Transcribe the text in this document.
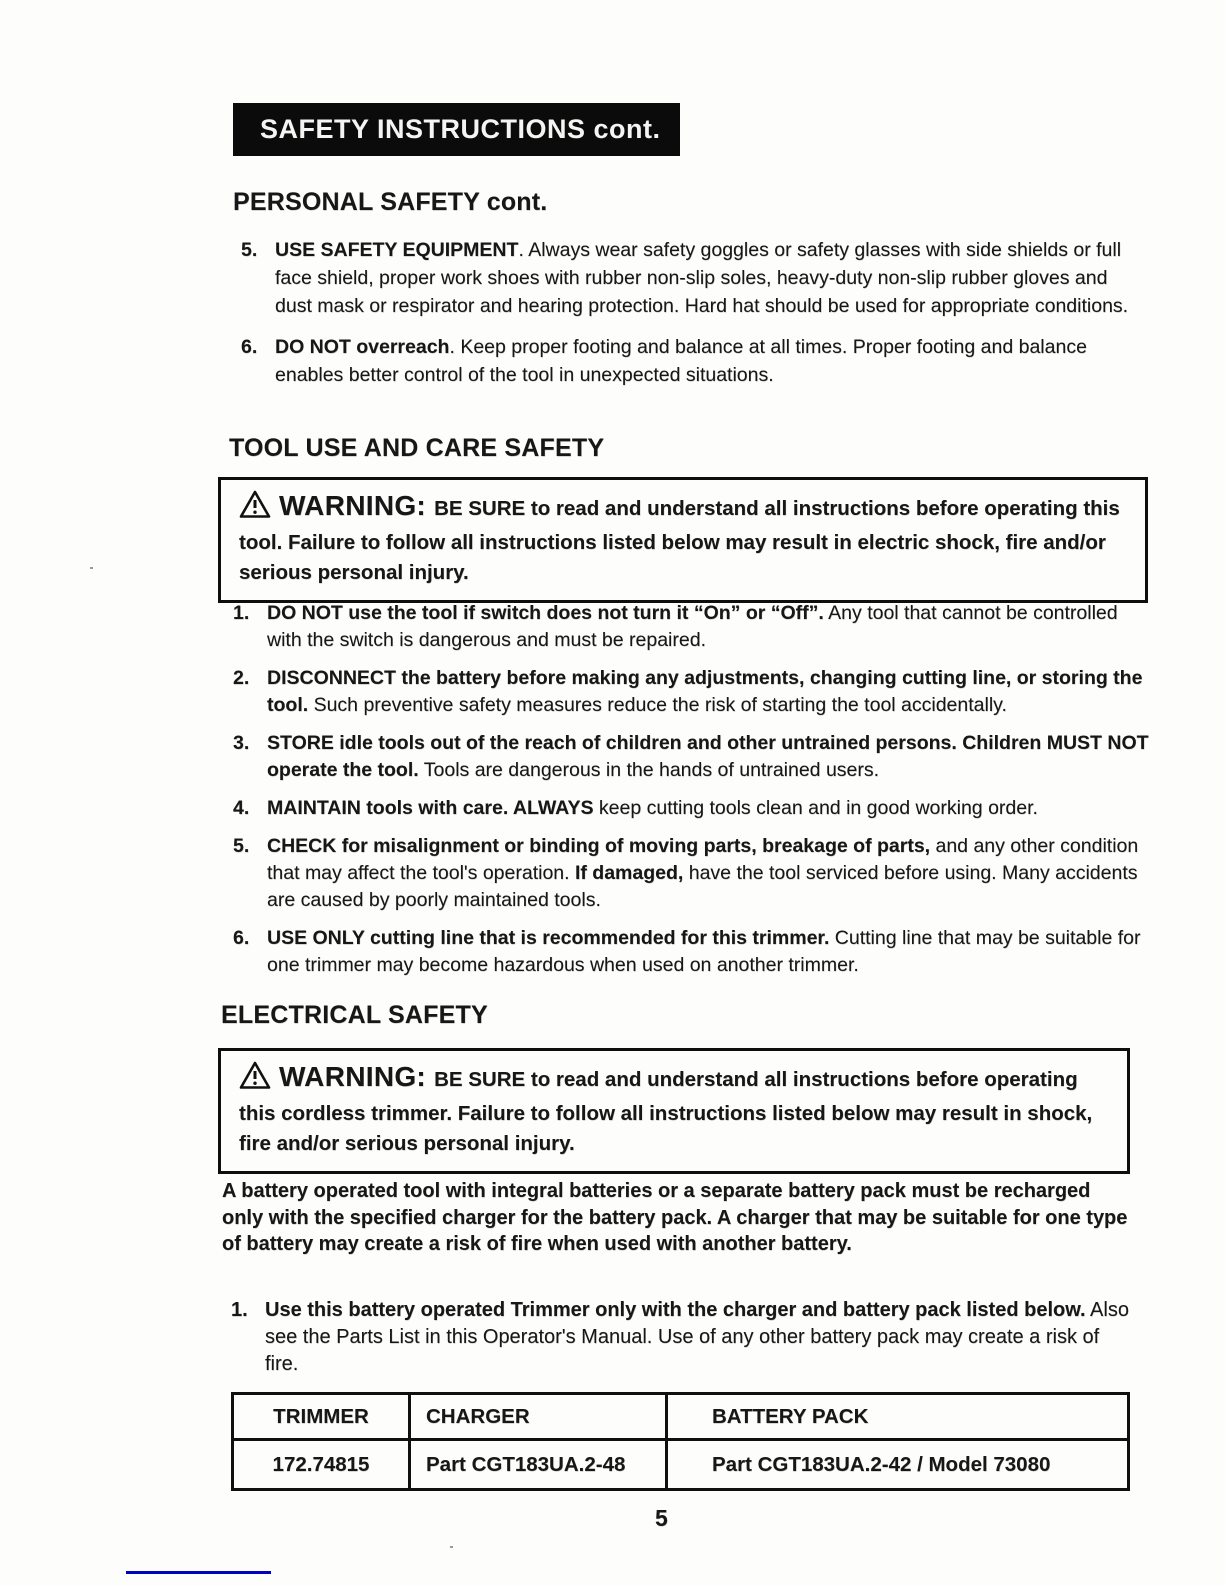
SAFETY INSTRUCTIONS cont.
PERSONAL SAFETY cont.
5. USE SAFETY EQUIPMENT. Always wear safety goggles or safety glasses with side shields or full face shield, proper work shoes with rubber non-slip soles, heavy-duty non-slip rubber gloves and dust mask or respirator and hearing protection. Hard hat should be used for appropriate conditions.
6. DO NOT overreach. Keep proper footing and balance at all times. Proper footing and balance enables better control of the tool in unexpected situations.
TOOL USE AND CARE SAFETY
WARNING: BE SURE to read and understand all instructions before operating this tool. Failure to follow all instructions listed below may result in electric shock, fire and/or serious personal injury.
1. DO NOT use the tool if switch does not turn it “On” or “Off”. Any tool that cannot be controlled with the switch is dangerous and must be repaired.
2. DISCONNECT the battery before making any adjustments, changing cutting line, or storing the tool. Such preventive safety measures reduce the risk of starting the tool accidentally.
3. STORE idle tools out of the reach of children and other untrained persons. Children MUST NOT operate the tool. Tools are dangerous in the hands of untrained users.
4. MAINTAIN tools with care. ALWAYS keep cutting tools clean and in good working order.
5. CHECK for misalignment or binding of moving parts, breakage of parts, and any other condition that may affect the tool's operation. If damaged, have the tool serviced before using. Many accidents are caused by poorly maintained tools.
6. USE ONLY cutting line that is recommended for this trimmer. Cutting line that may be suitable for one trimmer may become hazardous when used on another trimmer.
ELECTRICAL SAFETY
WARNING: BE SURE to read and understand all instructions before operating this cordless trimmer. Failure to follow all instructions listed below may result in shock, fire and/or serious personal injury.
A battery operated tool with integral batteries or a separate battery pack must be recharged only with the specified charger for the battery pack. A charger that may be suitable for one type of battery may create a risk of fire when used with another battery.
1. Use this battery operated Trimmer only with the charger and battery pack listed below. Also see the Parts List in this Operator's Manual. Use of any other battery pack may create a risk of fire.
TRIMMER	CHARGER	BATTERY PACK
172.74815	Part CGT183UA.2-48	Part CGT183UA.2-42 / Model 73080
5
